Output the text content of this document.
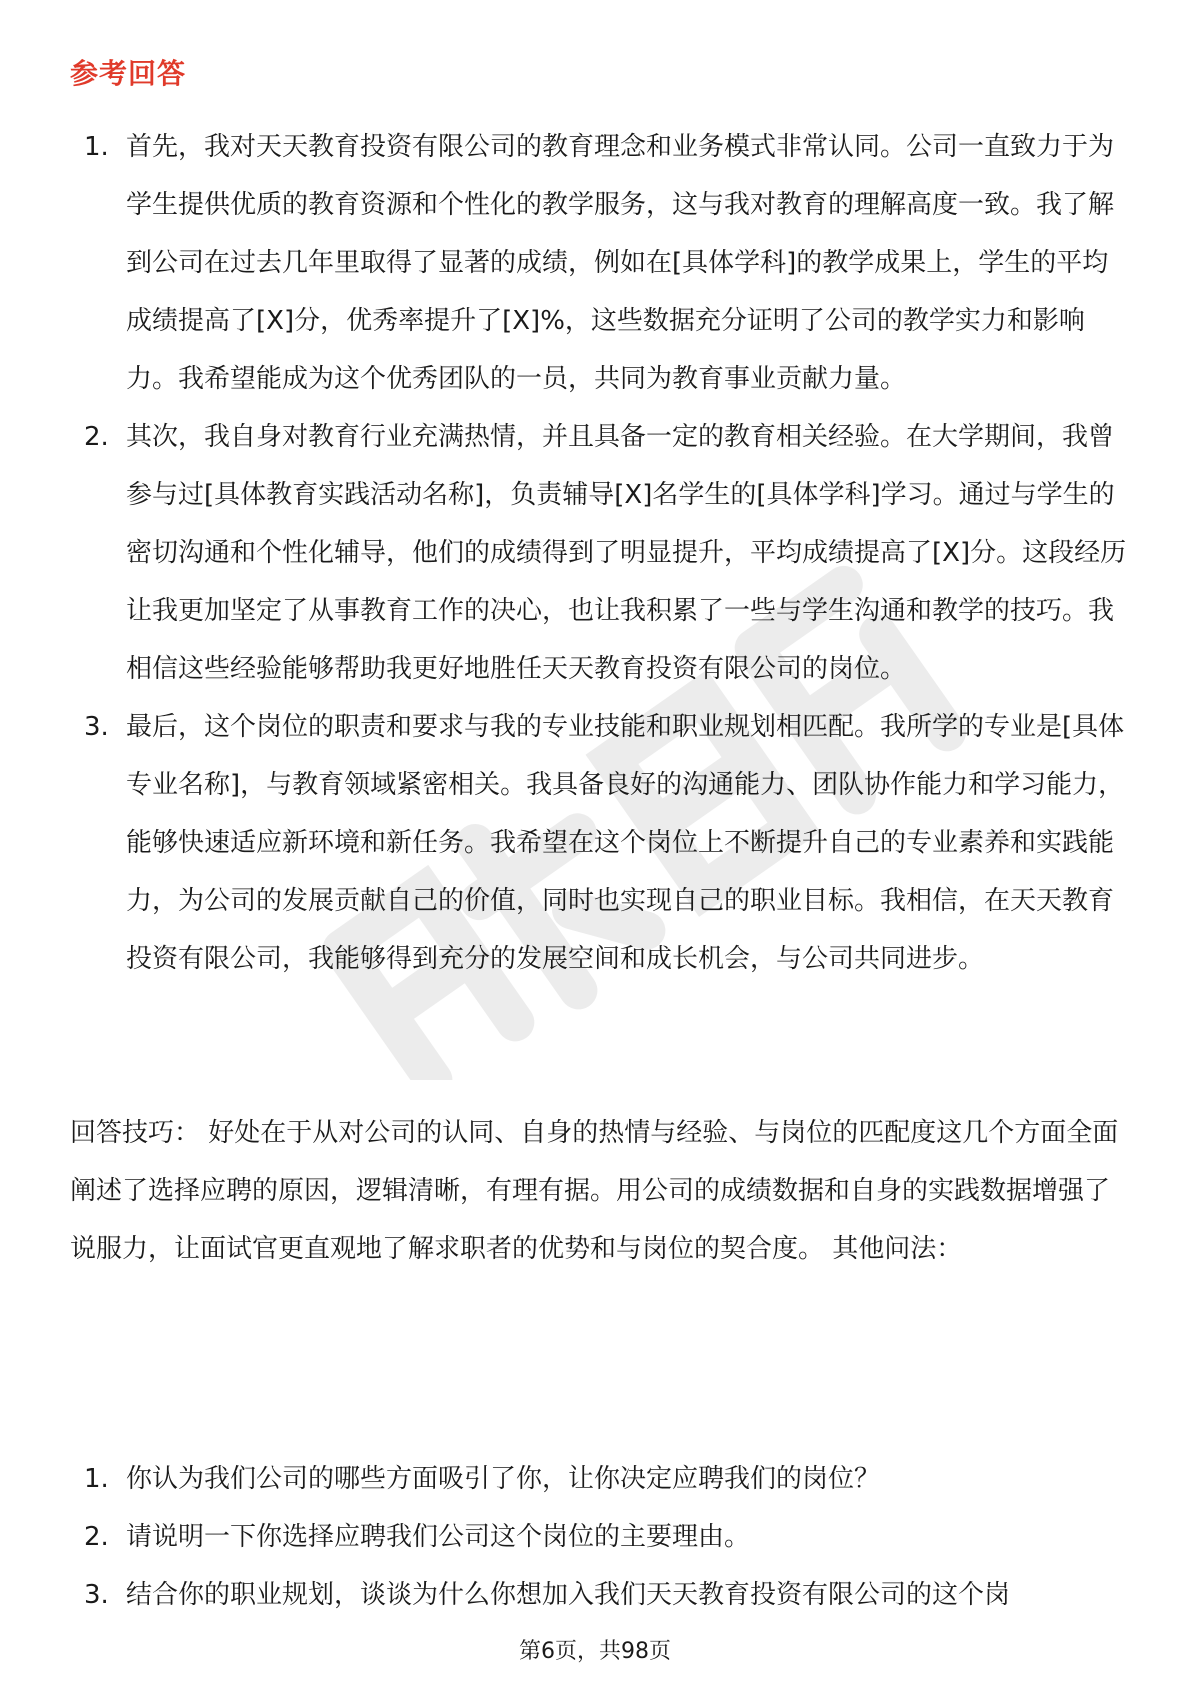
参考回答
1. 首先，我对天天教育投资有限公司的教育理念和业务模式非常认同。公司一直致力于为学生提供优质的教育资源和个性化的教学服务，这与我对教育的理解高度一致。我了解到公司在过去几年里取得了显著的成绩，例如在[具体学科]的教学成果上，学生的平均成绩提高了[X]分，优秀率提升了[X]%，这些数据充分证明了公司的教学实力和影响力。我希望能成为这个优秀团队的一员，共同为教育事业贡献力量。
2. 其次，我自身对教育行业充满热情，并且具备一定的教育相关经验。在大学期间，我曾参与过[具体教育实践活动名称]，负责辅导[X]名学生的[具体学科]学习。通过与学生的密切沟通和个性化辅导，他们的成绩得到了明显提升，平均成绩提高了[X]分。这段经历让我更加坚定了从事教育工作的决心，也让我积累了一些与学生沟通和教学的技巧。我相信这些经验能够帮助我更好地胜任天天教育投资有限公司的岗位。
3. 最后，这个岗位的职责和要求与我的专业技能和职业规划相匹配。我所学的专业是[具体专业名称]，与教育领域紧密相关。我具备良好的沟通能力、团队协作能力和学习能力，能够快速适应新环境和新任务。我希望在这个岗位上不断提升自己的专业素养和实践能力，为公司的发展贡献自己的价值，同时也实现自己的职业目标。我相信，在天天教育投资有限公司，我能够得到充分的发展空间和成长机会，与公司共同进步。

回答技巧： 好处在于从对公司的认同、自身的热情与经验、与岗位的匹配度这几个方面全面阐述了选择应聘的原因，逻辑清晰，有理有据。用公司的成绩数据和自身的实践数据增强了说服力，让面试官更直观地了解求职者的优势和与岗位的契合度。 其他问法：

1. 你认为我们公司的哪些方面吸引了你，让你决定应聘我们的岗位？
2. 请说明一下你选择应聘我们公司这个岗位的主要理由。
3. 结合你的职业规划，谈谈为什么你想加入我们天天教育投资有限公司的这个岗
第6页，共98页
